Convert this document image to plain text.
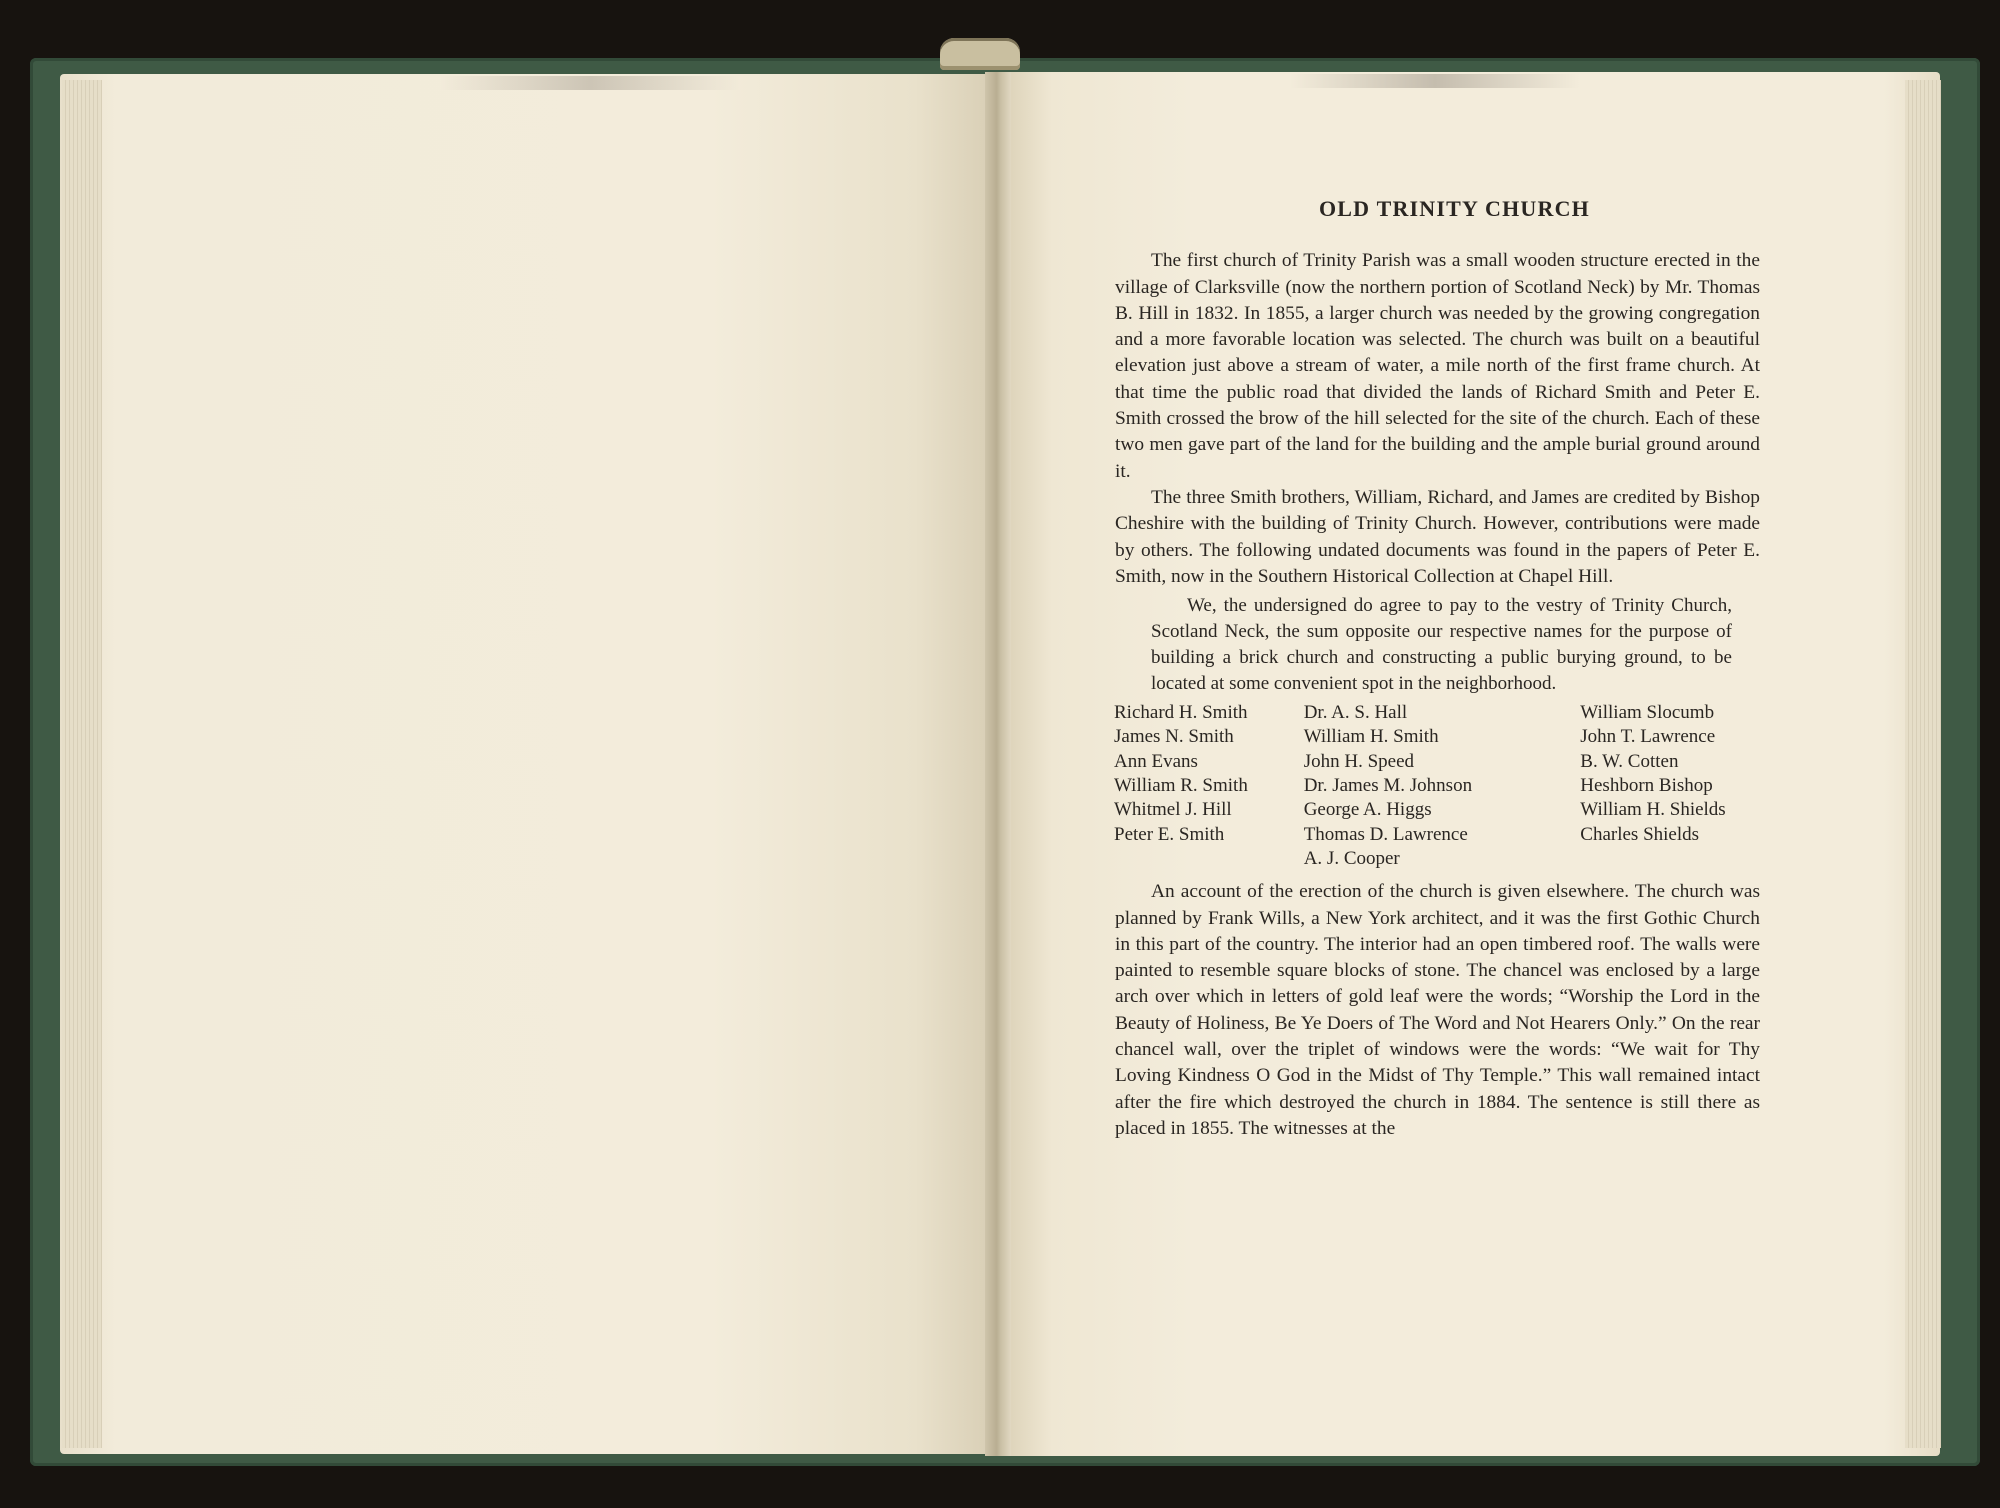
OLD TRINITY CHURCH

The first church of Trinity Parish was a small wooden structure erected in the village of Clarksville (now the northern portion of Scotland Neck) by Mr. Thomas B. Hill in 1832. In 1855, a larger church was needed by the growing congregation and a more favorable location was selected. The church was built on a beautiful elevation just above a stream of water, a mile north of the first frame church. At that time the public road that divided the lands of Richard Smith and Peter E. Smith crossed the brow of the hill selected for the site of the church. Each of these two men gave part of the land for the building and the ample burial ground around it.

The three Smith brothers, William, Richard, and James are credited by Bishop Cheshire with the building of Trinity Church. However, contributions were made by others. The following undated documents was found in the papers of Peter E. Smith, now in the Southern Historical Collection at Chapel Hill.

We, the undersigned do agree to pay to the vestry of Trinity Church, Scotland Neck, the sum opposite our respective names for the purpose of building a brick church and constructing a public burying ground, to be located at some convenient spot in the neighborhood.

Richard H. Smith
James N. Smith
Ann Evans
William R. Smith
Whitmel J. Hill
Peter E. Smith
Dr. A. S. Hall
William H. Smith
John H. Speed
Dr. James M. Johnson
George A. Higgs
Thomas D. Lawrence
A. J. Cooper
William Slocumb
John T. Lawrence
B. W. Cotten
Heshborn Bishop
William H. Shields
Charles Shields

An account of the erection of the church is given elsewhere. The church was planned by Frank Wills, a New York architect, and it was the first Gothic Church in this part of the country. The interior had an open timbered roof. The walls were painted to resemble square blocks of stone. The chancel was enclosed by a large arch over which in letters of gold leaf were the words; “Worship the Lord in the Beauty of Holiness, Be Ye Doers of The Word and Not Hearers Only.” On the rear chancel wall, over the triplet of windows were the words: “We wait for Thy Loving Kindness O God in the Midst of Thy Temple.” This wall remained intact after the fire which destroyed the church in 1884. The sentence is still there as placed in 1855. The witnesses at the
